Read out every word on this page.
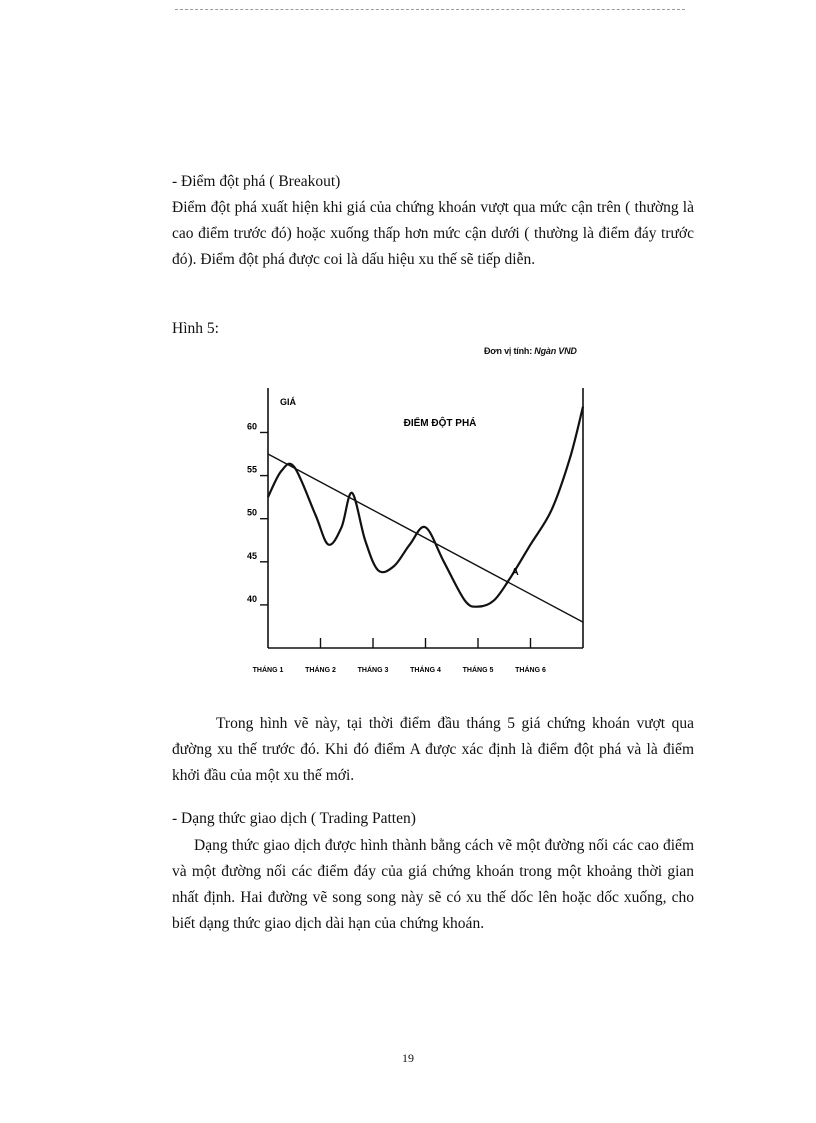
- Điểm đột phá ( Breakout)
Điểm đột phá xuất hiện khi giá của chứng khoán vượt qua mức cận trên ( thường là cao điểm trước đó) hoặc xuống thấp hơn mức cận dưới ( thường là điểm đáy trước đó). Điểm đột phá được coi là dấu hiệu xu thế sẽ tiếp diễn.
Hình 5:
Đơn vị tính: Ngàn VND
40
45
50
55
60
THÁNG 1	THÁNG 2	THÁNG 3	THÁNG 4	THÁNG 5	THÁNG 6
GIÁ
ĐIỂM ĐỘT PHÁ
A
Trong hình vẽ này, tại thời điểm đầu tháng 5 giá chứng khoán vượt qua đường xu thế trước đó. Khi đó điểm A được xác định là điểm đột phá và là điểm khởi đầu của một xu thế mới.
- Dạng thức giao dịch ( Trading Patten)
Dạng thức giao dịch được hình thành bằng cách vẽ một đường nối các cao điểm và một đường nối các điểm đáy của giá chứng khoán trong một khoảng thời gian nhất định. Hai đường vẽ song song này sẽ có xu thế dốc lên hoặc dốc xuống, cho biết dạng thức giao dịch dài hạn của chứng khoán.
19
